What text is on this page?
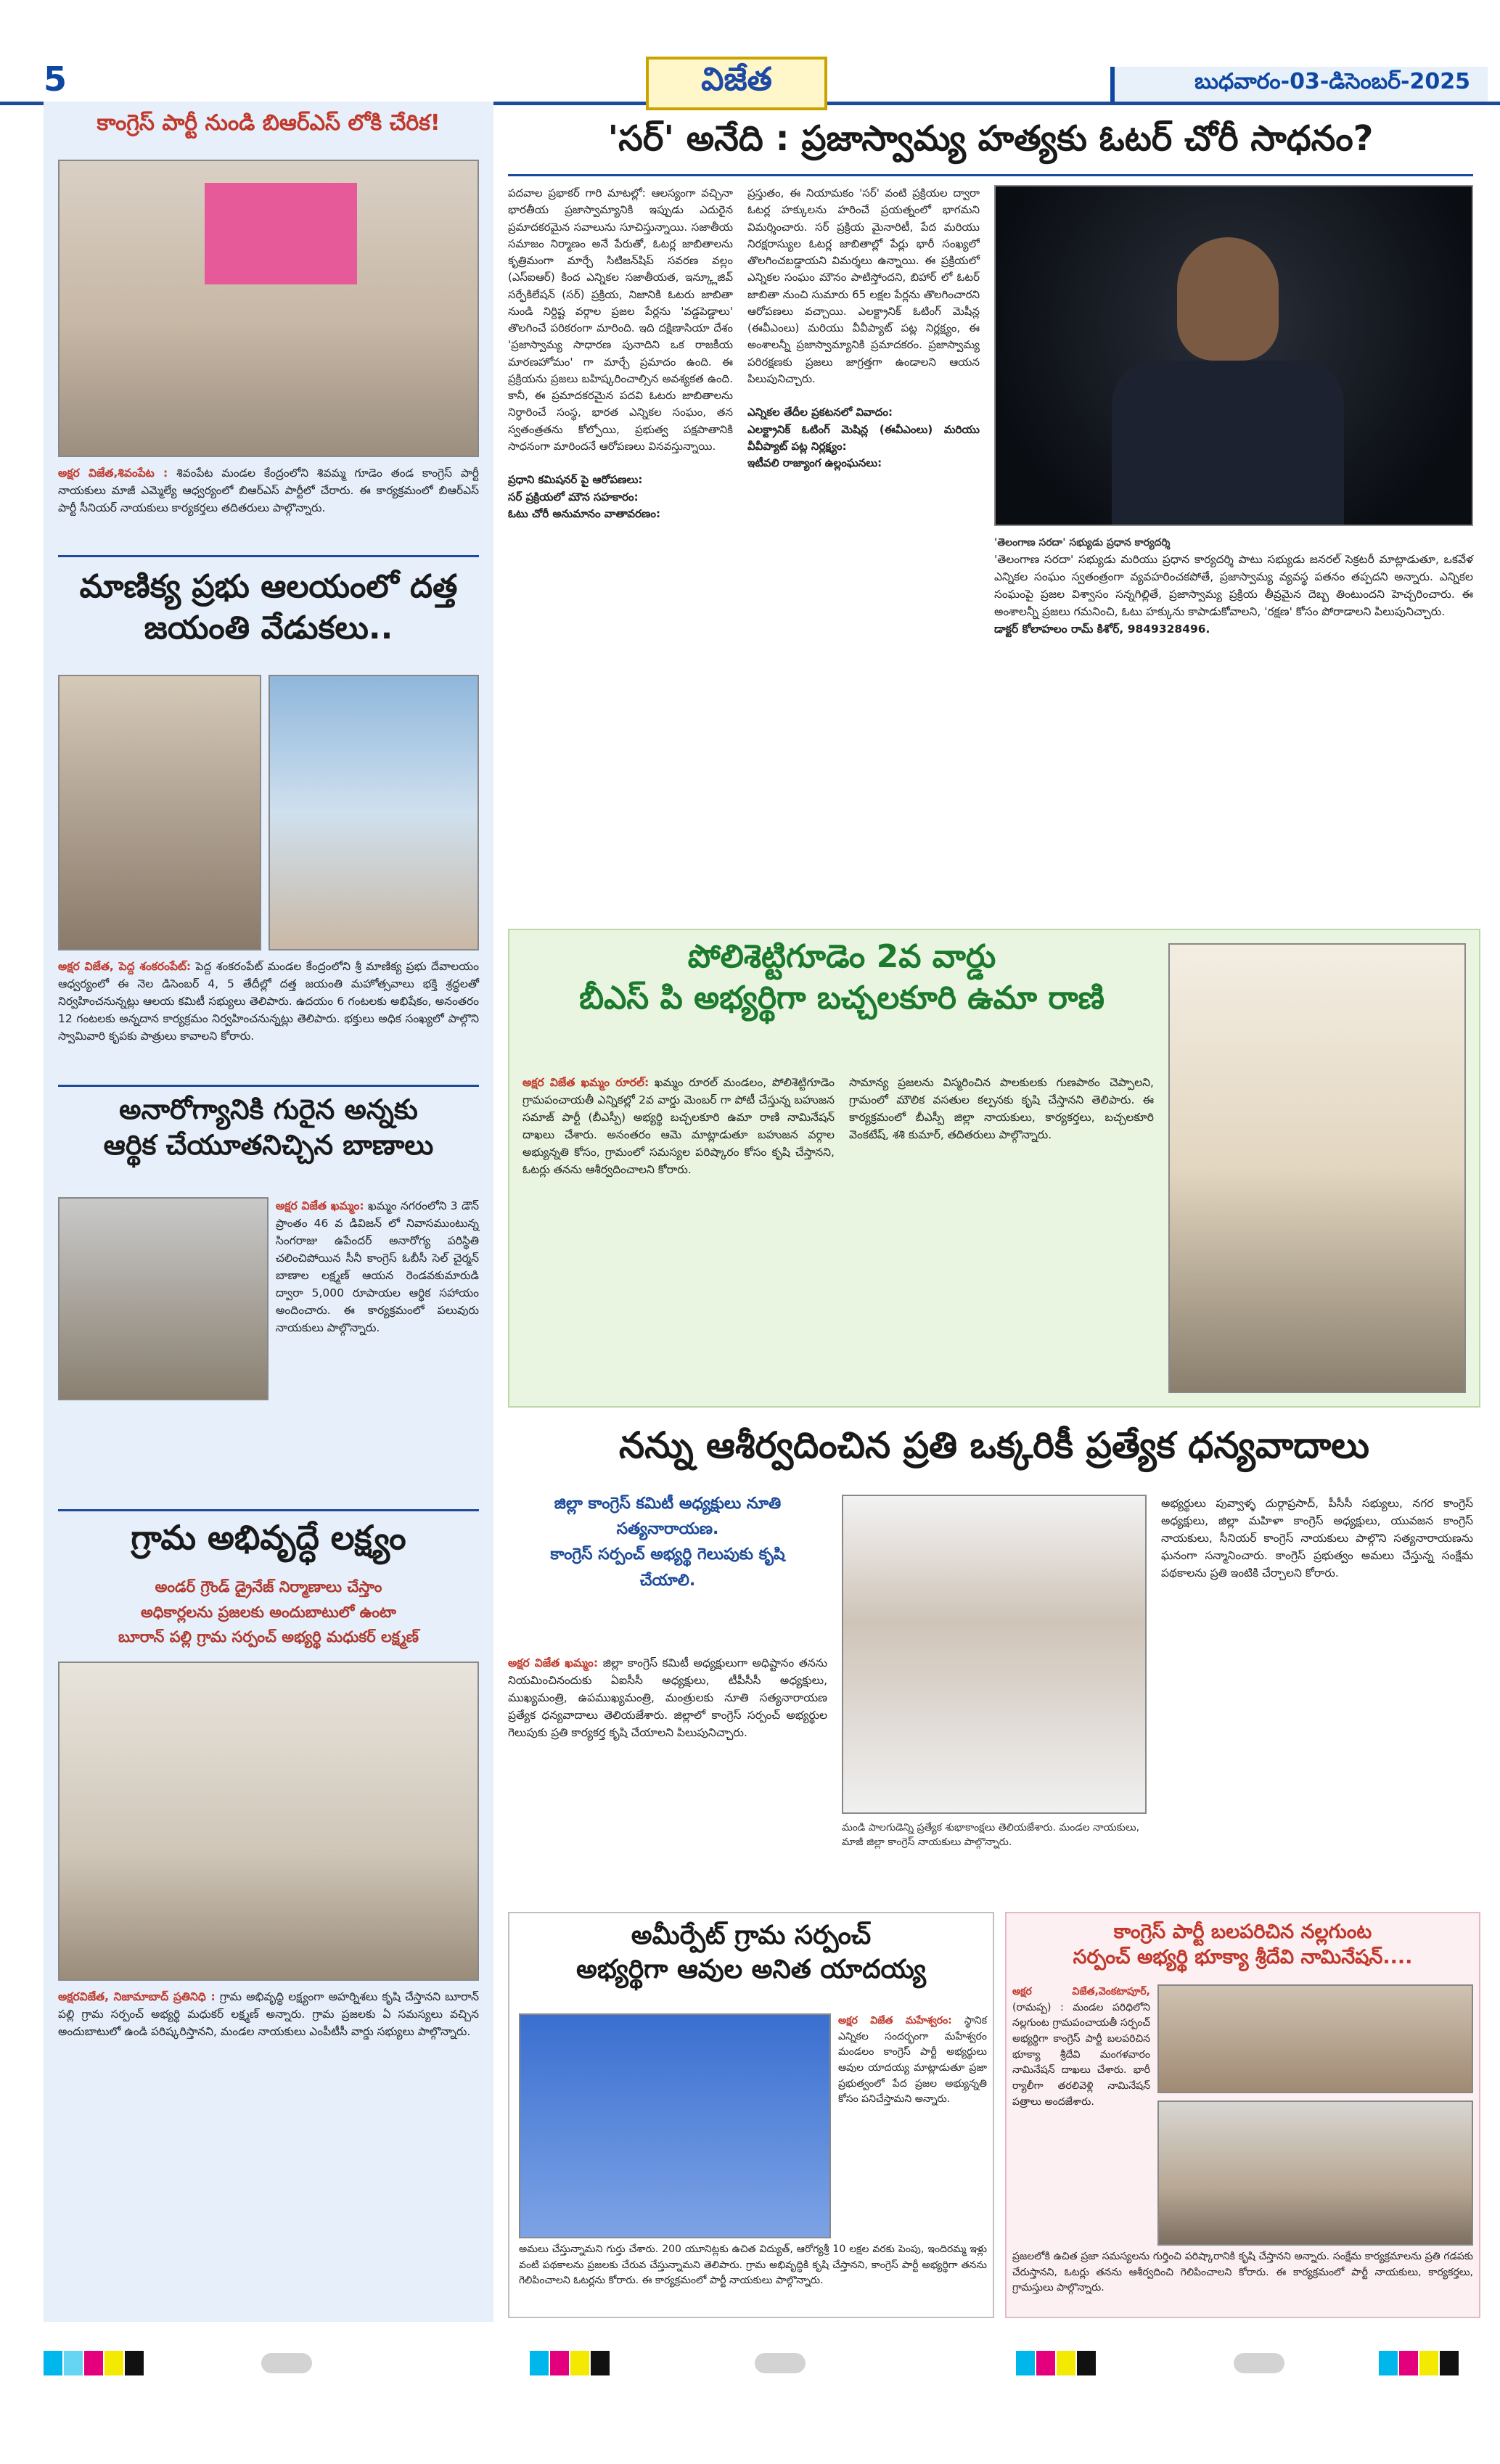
5	విజేత	బుధవారం-03-డిసెంబర్-2025
కాంగ్రెస్ పార్టీ నుండి బిఆర్ఎస్ లోకి చేరిక!
అక్షర విజేత,శివంపేట : శివంపేట మండల కేంద్రంలోని శివమ్మ గూడెం తండ కాంగ్రెస్ పార్టీ నాయకులు మాజీ ఎమ్మెల్యే ఆధ్వర్యంలో బిఆర్ఎస్ పార్టీలో చేరారు. ఈ కార్యక్రమంలో బిఆర్ఎస్ పార్టీ సీనియర్ నాయకులు కార్యకర్తలు తదితరులు పాల్గొన్నారు.
మాణిక్య ప్రభు ఆలయంలో దత్త
జయంతి వేడుకలు..
అక్షర విజేత, పెద్ద శంకరంపేట్: పెద్ద శంకరంపేట్ మండల కేంద్రంలోని శ్రీ మాణిక్య ప్రభు దేవాలయం ఆధ్వర్యంలో ఈ నెల డిసెంబర్ 4, 5 తేదీల్లో దత్త జయంతి మహోత్సవాలు భక్తి శ్రద్ధలతో నిర్వహించనున్నట్లు ఆలయ కమిటీ సభ్యులు తెలిపారు. ఉదయం 6 గంటలకు అభిషేకం, అనంతరం 12 గంటలకు అన్నదాన కార్యక్రమం నిర్వహించనున్నట్లు తెలిపారు. భక్తులు అధిక సంఖ్యలో పాల్గొని స్వామివారి కృపకు పాత్రులు కావాలని కోరారు.
అనారోగ్యానికి గురైన అన్నకు
ఆర్థిక చేయూతనిచ్చిన బాణాలు
అక్షర విజేత ఖమ్మం: ఖమ్మం నగరంలోని 3 డౌన్ ప్రాంతం 46 వ డివిజన్ లో నివాసముంటున్న సింగరాజు ఉపేందర్ అనారోగ్య పరిస్థితి చలించిపోయిన సీనీ కాంగ్రెస్ ఓబీసీ సెల్ చైర్మన్ బాణాల లక్ష్మణ్ ఆయన రెండవకుమారుడి ద్వారా 5,000 రూపాయల ఆర్థిక సహాయం అందించారు. ఈ కార్యక్రమంలో పలువురు నాయకులు పాల్గొన్నారు.
గ్రామ అభివృద్ధే లక్ష్యం
అండర్ గ్రౌండ్ డ్రైనేజ్ నిర్మాణాలు చేస్తాం
అధికార్లలను ప్రజలకు అందుబాటులో ఉంటా
బూరాన్ పల్లి గ్రామ సర్పంచ్ అభ్యర్థి మధుకర్ లక్ష్మణ్
అక్షరవిజేత, నిజామాబాద్ ప్రతినిధి : గ్రామ అభివృద్ధి లక్ష్యంగా అహర్నిశలు కృషి చేస్తానని బూరాన్ పల్లి గ్రామ సర్పంచ్ అభ్యర్థి మధుకర్ లక్ష్మణ్ అన్నారు. గ్రామ ప్రజలకు ఏ సమస్యలు వచ్చిన అందుబాటులో ఉండి పరిష్కరిస్తానని, మండల నాయకులు ఎంపీటీసీ వార్డు సభ్యులు పాల్గొన్నారు.
'సర్' అనేది : ప్రజాస్వామ్య హత్యకు ఓటర్ చోరీ సాధనం?
పదవాల ప్రభాకర్ గారి మాటల్లో: ఆలస్యంగా వచ్చినా భారతీయ ప్రజాస్వామ్యానికి ఇప్పుడు ఎదురైన ప్రమాదకరమైన సవాలును సూచిస్తున్నాయి. సజాతీయ సమాజం నిర్మాణం అనే పేరుతో, ఓటర్ల జాబితాలను కృత్రిమంగా మార్చే సిటిజన్‌షిప్ సవరణ వల్లం (ఎస్ఐఆర్) కింద ఎన్నికల సజాతీయత, ఇన్క్లూజివ్ సర్ఫేకిలేషన్ (సర్) ప్రక్రియ, నిజానికి ఓటరు జాబితా నుండి నిర్దిష్ట వర్గాల ప్రజల పేర్లను 'వడ్డపెడ్డాలు' తొలగించే పరికరంగా మారింది. ఇది దక్షిణాసియా దేశం 'ప్రజాస్వామ్య సాధారణ పునాదిని ఒక రాజకీయ మారణహోమం' గా మార్చే ప్రమాదం ఉంది. ఈ ప్రక్రియను ప్రజలు బహిష్కరించాల్సిన అవశ్యకత ఉంది. కానీ, ఈ ప్రమాదకరమైన పదవి ఓటరు జాబితాలను నిర్ధారించే సంస్థ, భారత ఎన్నికల సంఘం, తన స్వతంత్రతను కోల్పోయి, ప్రభుత్వ పక్షపాతానికి సాధనంగా మారిందనే ఆరోపణలు వినవస్తున్నాయి.

ప్రధాని కమిషనర్ పై ఆరోపణలు:
సర్ ప్రక్రియలో మౌన సహకారం:
ఓటు చోరీ అనుమానం వాతావరణం:
ప్రస్తుతం, ఈ నియామకం 'సర్' వంటి ప్రక్రియల ద్వారా ఓటర్ల హక్కులను హరించే ప్రయత్నంలో భాగమని విమర్శించారు. సర్ ప్రక్రియ మైనారిటీ, పేద మరియు నిరక్షరాస్యుల ఓటర్ల జాబితాల్లో పేర్లు భారీ సంఖ్యలో తొలగించబడ్డాయని విమర్శలు ఉన్నాయి. ఈ ప్రక్రియలో ఎన్నికల సంఘం మౌనం పాటిస్తోందని, బిహార్ లో ఓటర్ జాబితా నుంచి సుమారు 65 లక్షల పేర్లను తొలగించారని ఆరోపణలు వచ్చాయి. ఎలక్ట్రానిక్ ఓటింగ్ మెషీన్ల (ఈవీఎంలు) మరియు వీవీప్యాట్ పట్ల నిర్లక్ష్యం, ఈ అంశాలన్నీ ప్రజాస్వామ్యానికి ప్రమాదకరం. ప్రజాస్వామ్య పరిరక్షణకు ప్రజలు జాగ్రత్తగా ఉండాలని ఆయన పిలుపునిచ్చారు.

ఎన్నికల తేదీల ప్రకటనలో వివాదం:
ఎలక్ట్రానిక్ ఓటింగ్ మెషిన్ల (ఈవీఎంలు) మరియు వీవీప్యాట్ పట్ల నిర్లక్ష్యం:
ఇటీవలి రాజ్యాంగ ఉల్లంఘనలు:
'తెలంగాణ సరదా' సభ్యుడు ప్రధాన కార్యదర్శి
'తెలంగాణ సరదా' సభ్యుడు మరియు ప్రధాన కార్యదర్శి పాటు సభ్యుడు జనరల్ సెక్రటరీ మాట్లాడుతూ, ఒకవేళ ఎన్నికల సంఘం స్వతంత్రంగా వ్యవహరించకపోతే, ప్రజాస్వామ్య వ్యవస్థ పతనం తప్పదని అన్నారు. ఎన్నికల సంఘంపై ప్రజల విశ్వాసం సన్నగిల్లితే, ప్రజాస్వామ్య ప్రక్రియ తీవ్రమైన దెబ్బ తింటుందని హెచ్చరించారు. ఈ అంశాలన్నీ ప్రజలు గమనించి, ఓటు హక్కును కాపాడుకోవాలని, 'రక్షణ' కోసం పోరాడాలని పిలుపునిచ్చారు.
డాక్టర్ కోలాహలం రామ్ కిశోర్, 9849328496.
పోలిశెట్టిగూడెం 2వ వార్డు
బీఎస్ పి అభ్యర్థిగా బచ్చలకూరి ఉమా రాణి
అక్షర విజేత ఖమ్మం రూరల్: ఖమ్మం రూరల్ మండలం, పోలిశెట్టిగూడెం గ్రామపంచాయతీ ఎన్నికల్లో 2వ వార్డు మెంబర్ గా పోటీ చేస్తున్న బహుజన సమాజ్ పార్టీ (బీఎస్పీ) అభ్యర్థి బచ్చలకూరి ఉమా రాణి నామినేషన్ దాఖలు చేశారు. అనంతరం ఆమె మాట్లాడుతూ బహుజన వర్గాల అభ్యున్నతి కోసం, గ్రామంలో సమస్యల పరిష్కారం కోసం కృషి చేస్తానని, ఓటర్లు తనను ఆశీర్వదించాలని కోరారు.
సామాన్య ప్రజలను విస్మరించిన పాలకులకు గుణపాఠం చెప్పాలని, గ్రామంలో మౌలిక వసతుల కల్పనకు కృషి చేస్తానని తెలిపారు. ఈ కార్యక్రమంలో బీఎస్పీ జిల్లా నాయకులు, కార్యకర్తలు, బచ్చలకూరి వెంకటేష్, శశి కుమార్, తదితరులు పాల్గొన్నారు.
నన్ను ఆశీర్వదించిన ప్రతి ఒక్కరికీ ప్రత్యేక ధన్యవాదాలు
జిల్లా కాంగ్రెస్ కమిటీ అధ్యక్షులు నూతి
సత్యనారాయణ.
కాంగ్రెస్ సర్పంచ్ అభ్యర్థి గెలుపుకు కృషి
చేయాలి.
అక్షర విజేత ఖమ్మం: జిల్లా కాంగ్రెస్ కమిటీ అధ్యక్షులుగా అధిష్టానం తనను నియమించినందుకు ఏఐసీసీ అధ్యక్షులు, టీపీసీసీ అధ్యక్షులు, ముఖ్యమంత్రి, ఉపముఖ్యమంత్రి, మంత్రులకు నూతి సత్యనారాయణ ప్రత్యేక ధన్యవాదాలు తెలియజేశారు. జిల్లాలో కాంగ్రెస్ సర్పంచ్ అభ్యర్థుల గెలుపుకు ప్రతి కార్యకర్త కృషి చేయాలని పిలుపునిచ్చారు.
మండి పాలగుడెన్ని ప్రత్యేక శుభాకాంక్షలు తెలియజేశారు. మండల నాయకులు, మాజీ జిల్లా కాంగ్రెస్ నాయకులు పాల్గొన్నారు.
అభ్యర్థులు పువ్వాళ్ళ దుర్గాప్రసాద్, పీసీసీ సభ్యులు, నగర కాంగ్రెస్ అధ్యక్షులు, జిల్లా మహిళా కాంగ్రెస్ అధ్యక్షులు, యువజన కాంగ్రెస్ నాయకులు, సీనియర్ కాంగ్రెస్ నాయకులు పాల్గొని సత్యనారాయణను ఘనంగా సన్మానించారు. కాంగ్రెస్ ప్రభుత్వం అమలు చేస్తున్న సంక్షేమ పథకాలను ప్రతి ఇంటికి చేర్చాలని కోరారు.
అమీర్పేట్ గ్రామ సర్పంచ్
అభ్యర్థిగా ఆవుల అనిత యాదయ్య
అక్షర విజేత మహేశ్వరం: స్థానిక ఎన్నికల సందర్భంగా మహేశ్వరం మండలం కాంగ్రెస్ పార్టీ అభ్యర్థులు ఆవుల యాదయ్య మాట్లాడుతూ ప్రజా ప్రభుత్వంలో పేద ప్రజల అభ్యున్నతి కోసం పనిచేస్తామని అన్నారు.
అమలు చేస్తున్నామని గుర్తు చేశారు. 200 యూనిట్లకు ఉచిత విద్యుత్, ఆరోగ్యశ్రీ 10 లక్షల వరకు పెంపు, ఇందిరమ్మ ఇళ్లు వంటి పథకాలను ప్రజలకు చేరువ చేస్తున్నామని తెలిపారు. గ్రామ అభివృద్ధికి కృషి చేస్తానని, కాంగ్రెస్ పార్టీ అభ్యర్థిగా తనను గెలిపించాలని ఓటర్లను కోరారు. ఈ కార్యక్రమంలో పార్టీ నాయకులు పాల్గొన్నారు.
కాంగ్రెస్ పార్టీ బలపరిచిన నల్లగుంట
సర్పంచ్ అభ్యర్థి భూక్యా శ్రీదేవి నామినేషన్....
అక్షర విజేత,వెంకటాపూర్, (రామప్ప) : మండల పరిధిలోని నల్లగుంట గ్రామపంచాయతీ సర్పంచ్ అభ్యర్థిగా కాంగ్రెస్ పార్టీ బలపరిచిన భూక్యా శ్రీదేవి మంగళవారం నామినేషన్ దాఖలు చేశారు. భారీ ర్యాలీగా తరలివెళ్లి నామినేషన్ పత్రాలు అందజేశారు.
ప్రజలలోకి ఉచిత ప్రజా సమస్యలను గుర్తించి పరిష్కారానికి కృషి చేస్తానని అన్నారు. సంక్షేమ కార్యక్రమాలను ప్రతి గడపకు చేరుస్తానని, ఓటర్లు తనను ఆశీర్వదించి గెలిపించాలని కోరారు. ఈ కార్యక్రమంలో పార్టీ నాయకులు, కార్యకర్తలు, గ్రామస్తులు పాల్గొన్నారు.
